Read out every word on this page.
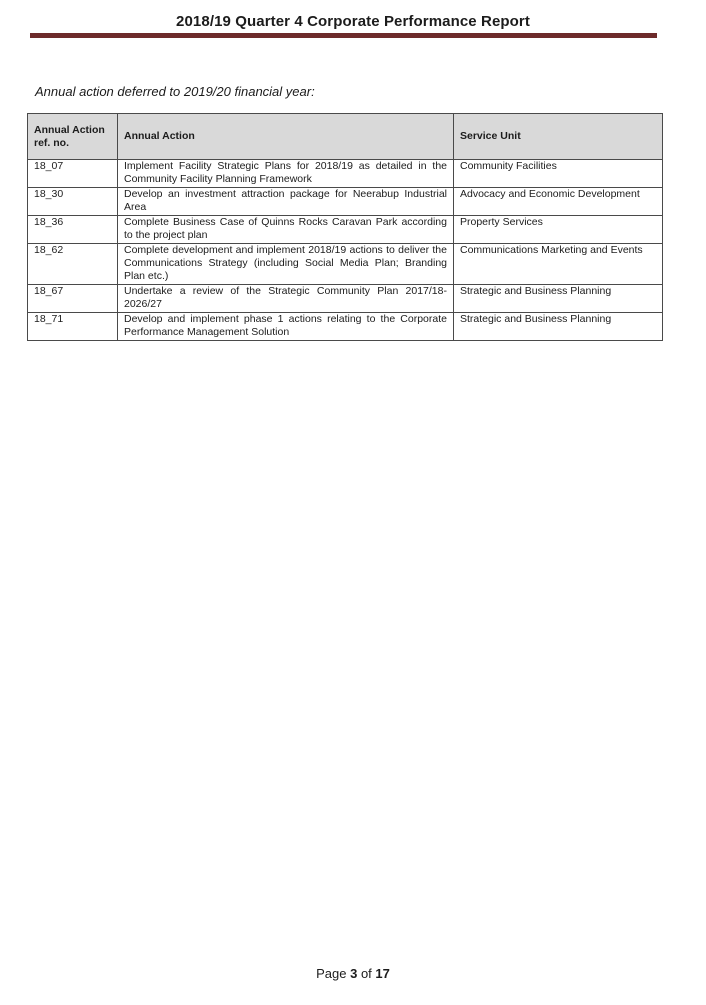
2018/19 Quarter 4 Corporate Performance Report
Annual action deferred to 2019/20 financial year:
Annual Action ref. no.	Annual Action	Service Unit
18_07	Implement Facility Strategic Plans for 2018/19 as detailed in the Community Facility Planning Framework	Community Facilities
18_30	Develop an investment attraction package for Neerabup Industrial Area	Advocacy and Economic Development
18_36	Complete Business Case of Quinns Rocks Caravan Park according to the project plan	Property Services
18_62	Complete development and implement 2018/19 actions to deliver the Communications Strategy (including Social Media Plan; Branding Plan etc.)	Communications Marketing and Events
18_67	Undertake a review of the Strategic Community Plan 2017/18-2026/27	Strategic and Business Planning
18_71	Develop and implement phase 1 actions relating to the Corporate Performance Management Solution	Strategic and Business Planning
Page 3 of 17
